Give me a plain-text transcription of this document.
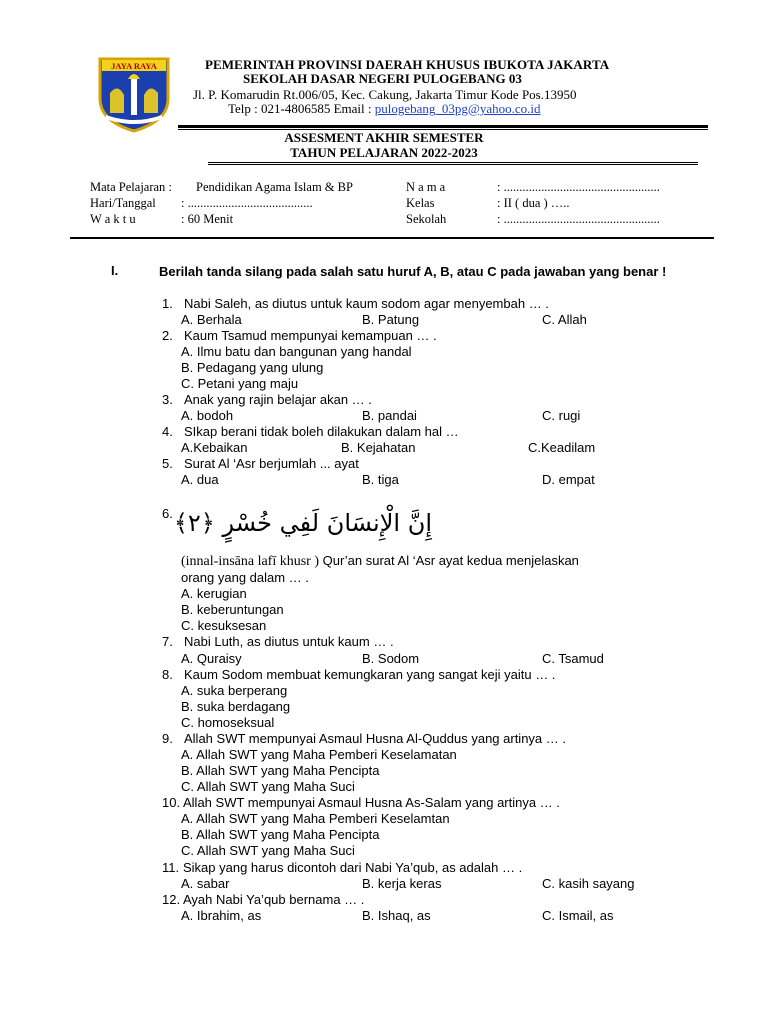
JAYA RAYA	PEMERINTAH PROVINSI DAERAH KHUSUS IBUKOTA JAKARTA
SEKOLAH DASAR NEGERI PULOGEBANG 03
Jl. P. Komarudin Rt.006/05, Kec. Cakung, Jakarta Timur Kode Pos.13950
Telp : 021-4806585 Email : pulogebang_03pg@yahoo.co.id
ASSESMENT AKHIR SEMESTER
TAHUN PELAJARAN 2022-2023
Mata Pelajaran : Pendidikan Agama Islam & BP
Hari/Tanggal : ........................................
W a k t u	: 60 Menit
N a m a	: ..................................................
Kelas	: II ( dua ) …..
Sekolah	: ..................................................
I.	Berilah tanda silang pada salah satu huruf A, B, atau C pada jawaban yang benar !
1. Nabi Saleh, as diutus untuk kaum sodom agar menyembah … .
A. Berhala	B. Patung	C. Allah
2. Kaum Tsamud mempunyai kemampuan … .
A. Ilmu batu dan bangunan yang handal
B. Pedagang yang ulung
C. Petani yang maju
3. Anak yang rajin belajar akan … .
A. bodoh	B. pandai	C. rugi
4. SIkap berani tidak boleh dilakukan dalam hal …
A.Kebaikan	B. Kejahatan	C.Keadilam
5. Surat Al ‘Asr berjumlah ... ayat
A. dua	B. tiga	D. empat
6. إِنَّ الْإِنسَانَ لَفِي خُسْرٍ ﴿٢﴾
(innal-insāna lafī khusr ) Qur’an surat Al ‘Asr ayat kedua menjelaskan
orang yang dalam … .
A. kerugian
B. keberuntungan
C. kesuksesan
7. Nabi Luth, as diutus untuk kaum … .
A. Quraisy	B. Sodom	C. Tsamud
8. Kaum Sodom membuat kemungkaran yang sangat keji yaitu … .
A. suka berperang
B. suka berdagang
C. homoseksual
9. Allah SWT mempunyai Asmaul Husna Al-Quddus yang artinya … .
A. Allah SWT yang Maha Pemberi Keselamatan
B. Allah SWT yang Maha Pencipta
C. Allah SWT yang Maha Suci
10. Allah SWT mempunyai Asmaul Husna As-Salam yang artinya … .
A. Allah SWT yang Maha Pemberi Keselamtan
B. Allah SWT yang Maha Pencipta
C. Allah SWT yang Maha Suci
11. Sikap yang harus dicontoh dari Nabi Ya’qub, as adalah … .
A. sabar	B. kerja keras	C. kasih sayang
12. Ayah Nabi Ya’qub bernama … .
A. Ibrahim, as	B. Ishaq, as	C. Ismail, as
